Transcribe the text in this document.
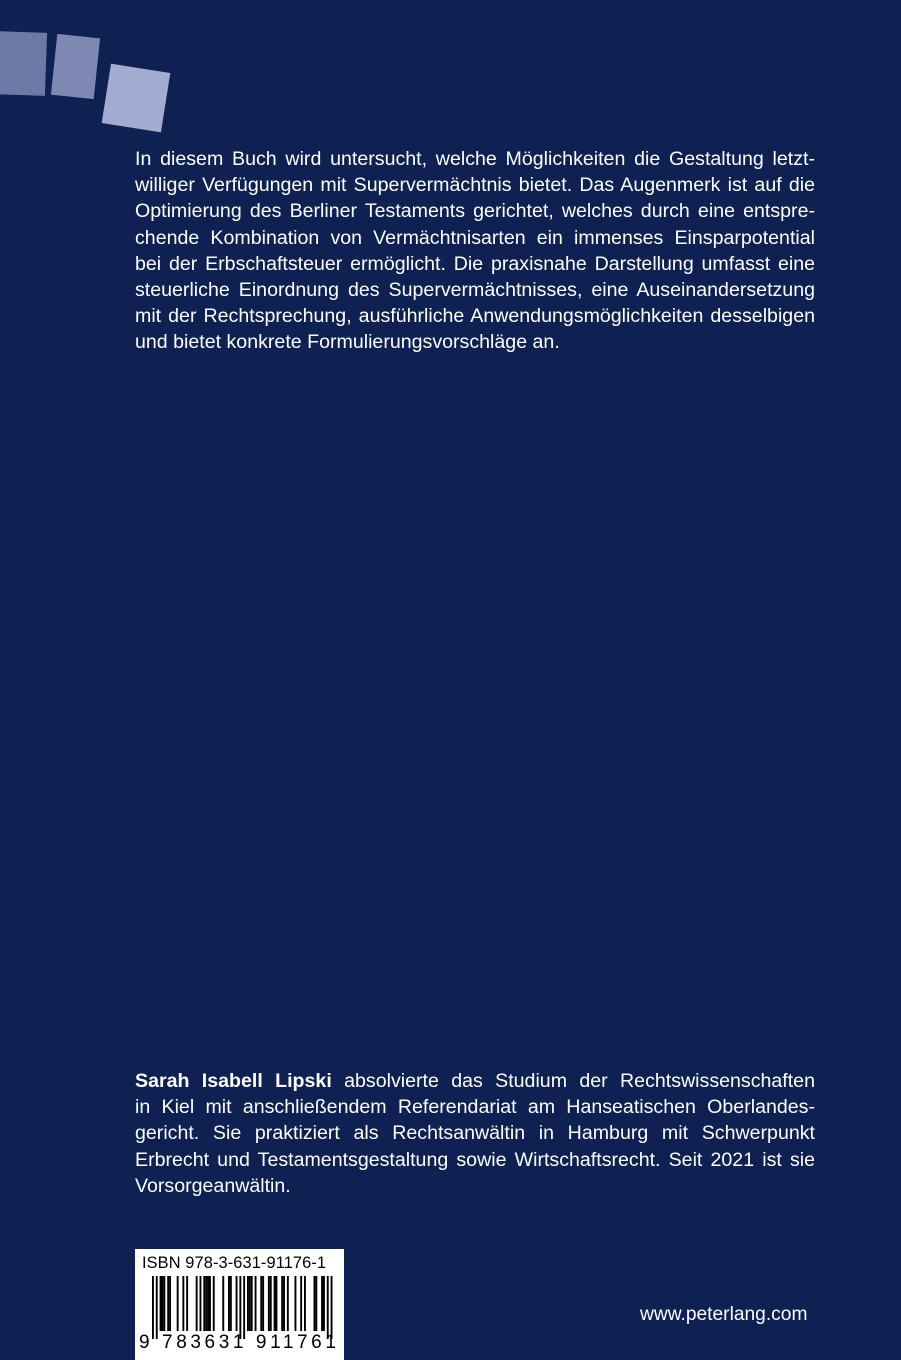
In diesem Buch wird untersucht, welche Möglichkeiten die Gestaltung letzt-
williger Verfügungen mit Supervermächtnis bietet. Das Augenmerk ist auf die
Optimierung des Berliner Testaments gerichtet, welches durch eine entspre-
chende Kombination von Vermächtnisarten ein immenses Einsparpotential
bei der Erbschaftsteuer ermöglicht. Die praxisnahe Darstellung umfasst eine
steuerliche Einordnung des Supervermächtnisses, eine Auseinandersetzung
mit der Rechtsprechung, ausführliche Anwendungsmöglichkeiten desselbigen
und bietet konkrete Formulierungsvorschläge an.
Sarah Isabell Lipski absolvierte das Studium der Rechtswissenschaften
in Kiel mit anschließendem Referendariat am Hanseatischen Oberlandes-
gericht. Sie praktiziert als Rechtsanwältin in Hamburg mit Schwerpunkt
Erbrecht und Testamentsgestaltung sowie Wirtschaftsrecht. Seit 2021 ist sie
Vorsorgeanwältin.
ISBN 978-3-631-91176-1
9 783631 911761
www.peterlang.com
